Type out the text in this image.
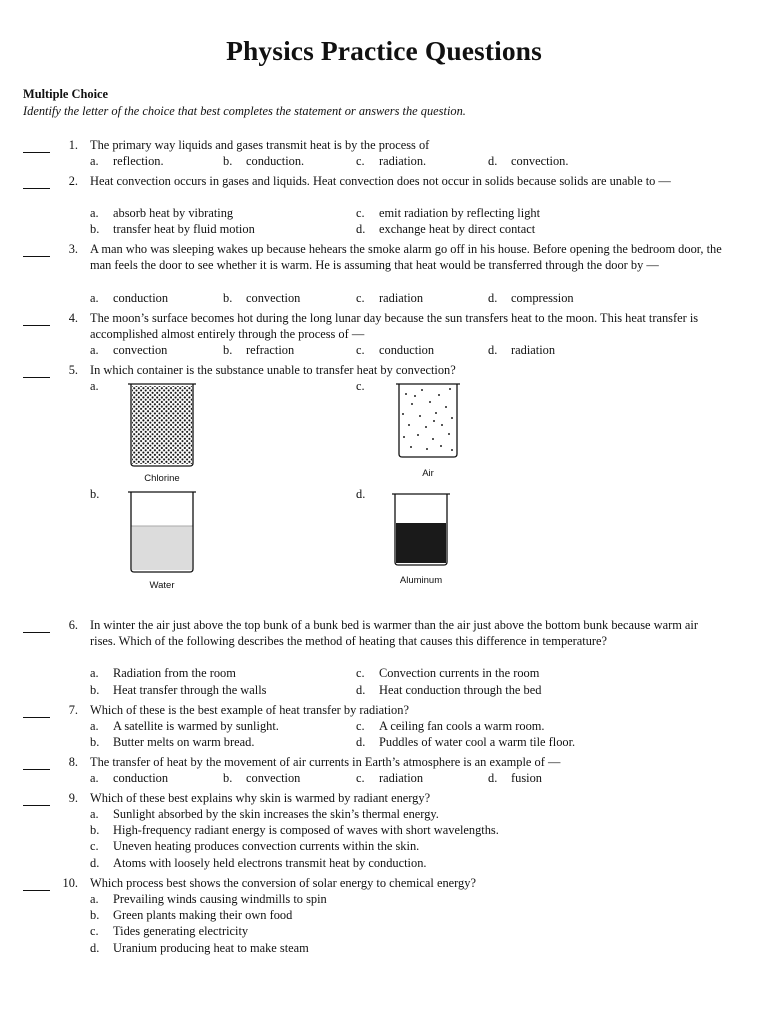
Physics Practice Questions
Multiple Choice
Identify the letter of the choice that best completes the statement or answers the question.
1. The primary way liquids and gases transmit heat is by the process of
a. reflection.	b. conduction.	c. radiation.	d. convection.
2. Heat convection occurs in gases and liquids. Heat convection does not occur in solids because solids are unable to —
a. absorb heat by vibrating
b. transfer heat by fluid motion
c. emit radiation by reflecting light
d. exchange heat by direct contact
3. A man who was sleeping wakes up because hehears the smoke alarm go off in his house. Before opening the bedroom door, the man feels the door to see whether it is warm. He is assuming that heat would be transferred through the door by —
a. conduction	b. convection	c. radiation	d. compression
4. The moon’s surface becomes hot during the long lunar day because the sun transfers heat to the moon. This heat transfer is accomplished almost entirely through the process of —
a. convection	b. refraction	c. conduction	d. radiation
5. In which container is the substance unable to transfer heat by convection?
a.
Chlorine
b.
Water
c.
Air
d.
Aluminum
6. In winter the air just above the top bunk of a bunk bed is warmer than the air just above the bottom bunk because warm air rises. Which of the following describes the method of heating that causes this difference in temperature?
a. Radiation from the room
b. Heat transfer through the walls
c. Convection currents in the room
d. Heat conduction through the bed
7. Which of these is the best example of heat transfer by radiation?
a. A satellite is warmed by sunlight.
b. Butter melts on warm bread.
c. A ceiling fan cools a warm room.
d. Puddles of water cool a warm tile floor.
8. The transfer of heat by the movement of air currents in Earth’s atmosphere is an example of —
a. conduction	b. convection	c. radiation	d. fusion
9. Which of these best explains why skin is warmed by radiant energy?
a. Sunlight absorbed by the skin increases the skin’s thermal energy.
b. High-frequency radiant energy is composed of waves with short wavelengths.
c. Uneven heating produces convection currents within the skin.
d. Atoms with loosely held electrons transmit heat by conduction.
10. Which process best shows the conversion of solar energy to chemical energy?
a. Prevailing winds causing windmills to spin
b. Green plants making their own food
c. Tides generating electricity
d. Uranium producing heat to make steam
